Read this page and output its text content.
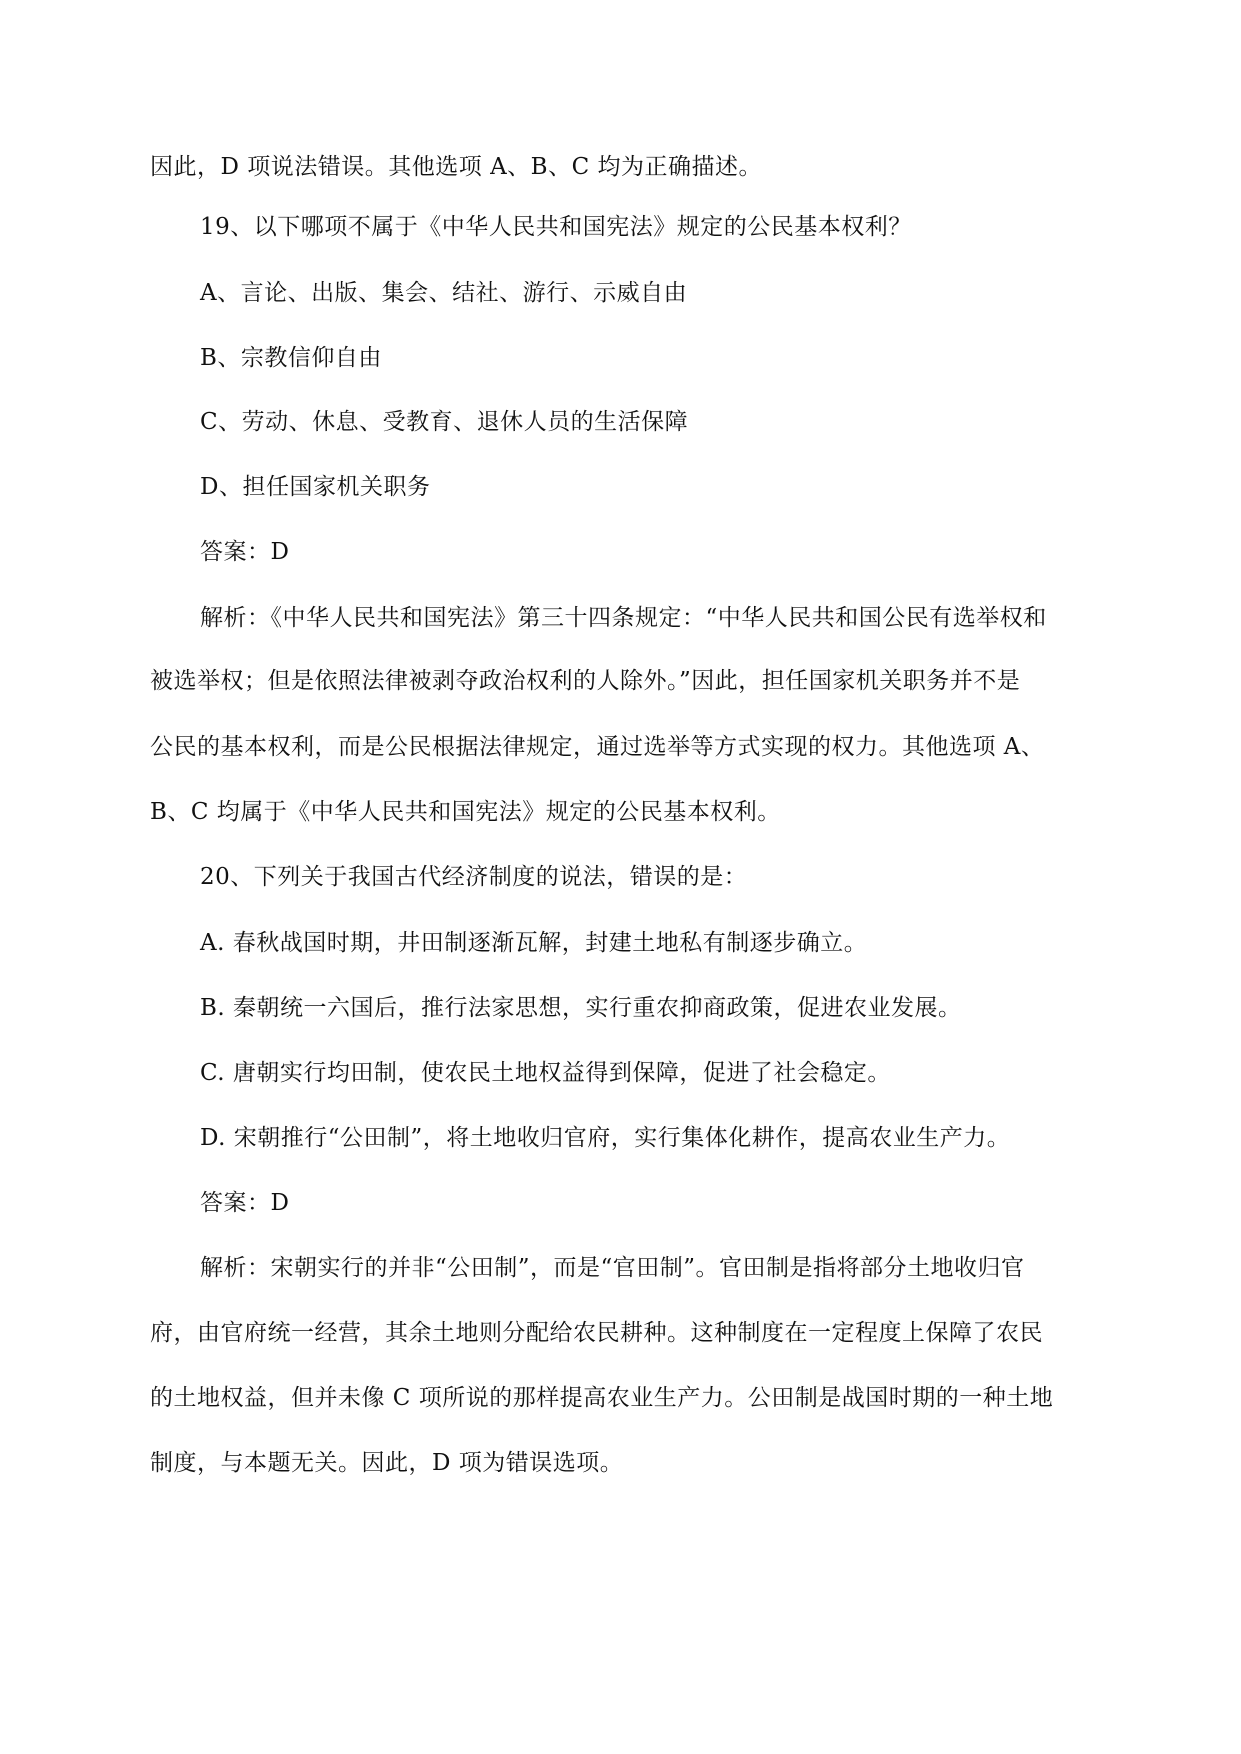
因此，D 项说法错误。其他选项 A、B、C 均为正确描述。

19、以下哪项不属于《中华人民共和国宪法》规定的公民基本权利？

A、言论、出版、集会、结社、游行、示威自由

B、宗教信仰自由

C、劳动、休息、受教育、退休人员的生活保障

D、担任国家机关职务

答案：D

解析：《中华人民共和国宪法》第三十四条规定：“中华人民共和国公民有选举权和

被选举权；但是依照法律被剥夺政治权利的人除外。”因此，担任国家机关职务并不是

公民的基本权利，而是公民根据法律规定，通过选举等方式实现的权力。其他选项 A、

B、C 均属于《中华人民共和国宪法》规定的公民基本权利。

20、下列关于我国古代经济制度的说法，错误的是：

A. 春秋战国时期，井田制逐渐瓦解，封建土地私有制逐步确立。

B. 秦朝统一六国后，推行法家思想，实行重农抑商政策，促进农业发展。

C. 唐朝实行均田制，使农民土地权益得到保障，促进了社会稳定。

D. 宋朝推行“公田制”，将土地收归官府，实行集体化耕作，提高农业生产力。

答案：D

解析：宋朝实行的并非“公田制”，而是“官田制”。官田制是指将部分土地收归官

府，由官府统一经营，其余土地则分配给农民耕种。这种制度在一定程度上保障了农民

的土地权益，但并未像 C 项所说的那样提高农业生产力。公田制是战国时期的一种土地

制度，与本题无关。因此，D 项为错误选项。
